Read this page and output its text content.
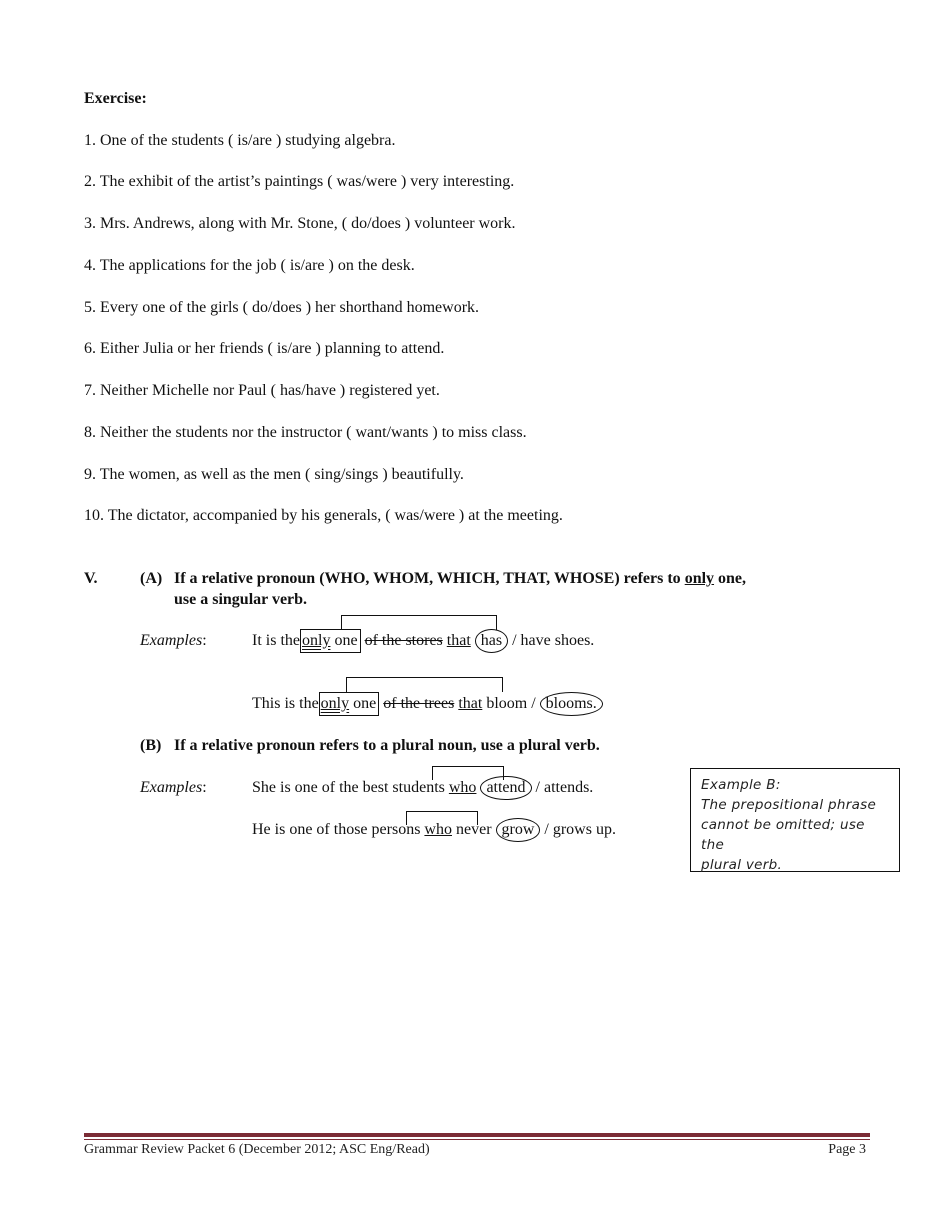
Exercise:
1. One of the students ( is/are ) studying algebra.
2. The exhibit of the artist’s paintings ( was/were ) very interesting.
3. Mrs. Andrews, along with Mr. Stone, ( do/does ) volunteer work.
4. The applications for the job ( is/are ) on the desk.
5. Every one of the girls ( do/does ) her shorthand homework.
6. Either Julia or her friends ( is/are ) planning to attend.
7. Neither Michelle nor Paul ( has/have ) registered yet.
8. Neither the students nor the instructor ( want/wants ) to miss class.
9. The women, as well as the men ( sing/sings ) beautifully.
10. The dictator, accompanied by his generals, ( was/were ) at the meeting.
V.	(A) If a relative pronoun (WHO, WHOM, WHICH, THAT, WHOSE) refers to only one,
use a singular verb.
Examples:	It is the only one of the stores that has / have shoes.
This is the only one of the trees that bloom / blooms.
(B) If a relative pronoun refers to a plural noun, use a plural verb.
Examples:	She is one of the best students who attend / attends.
He is one of those persons who never grow / grows up.
Example B:
The prepositional phrase
cannot be omitted; use the
plural verb.
Grammar Review Packet 6 (December 2012; ASC Eng/Read)	Page 3
